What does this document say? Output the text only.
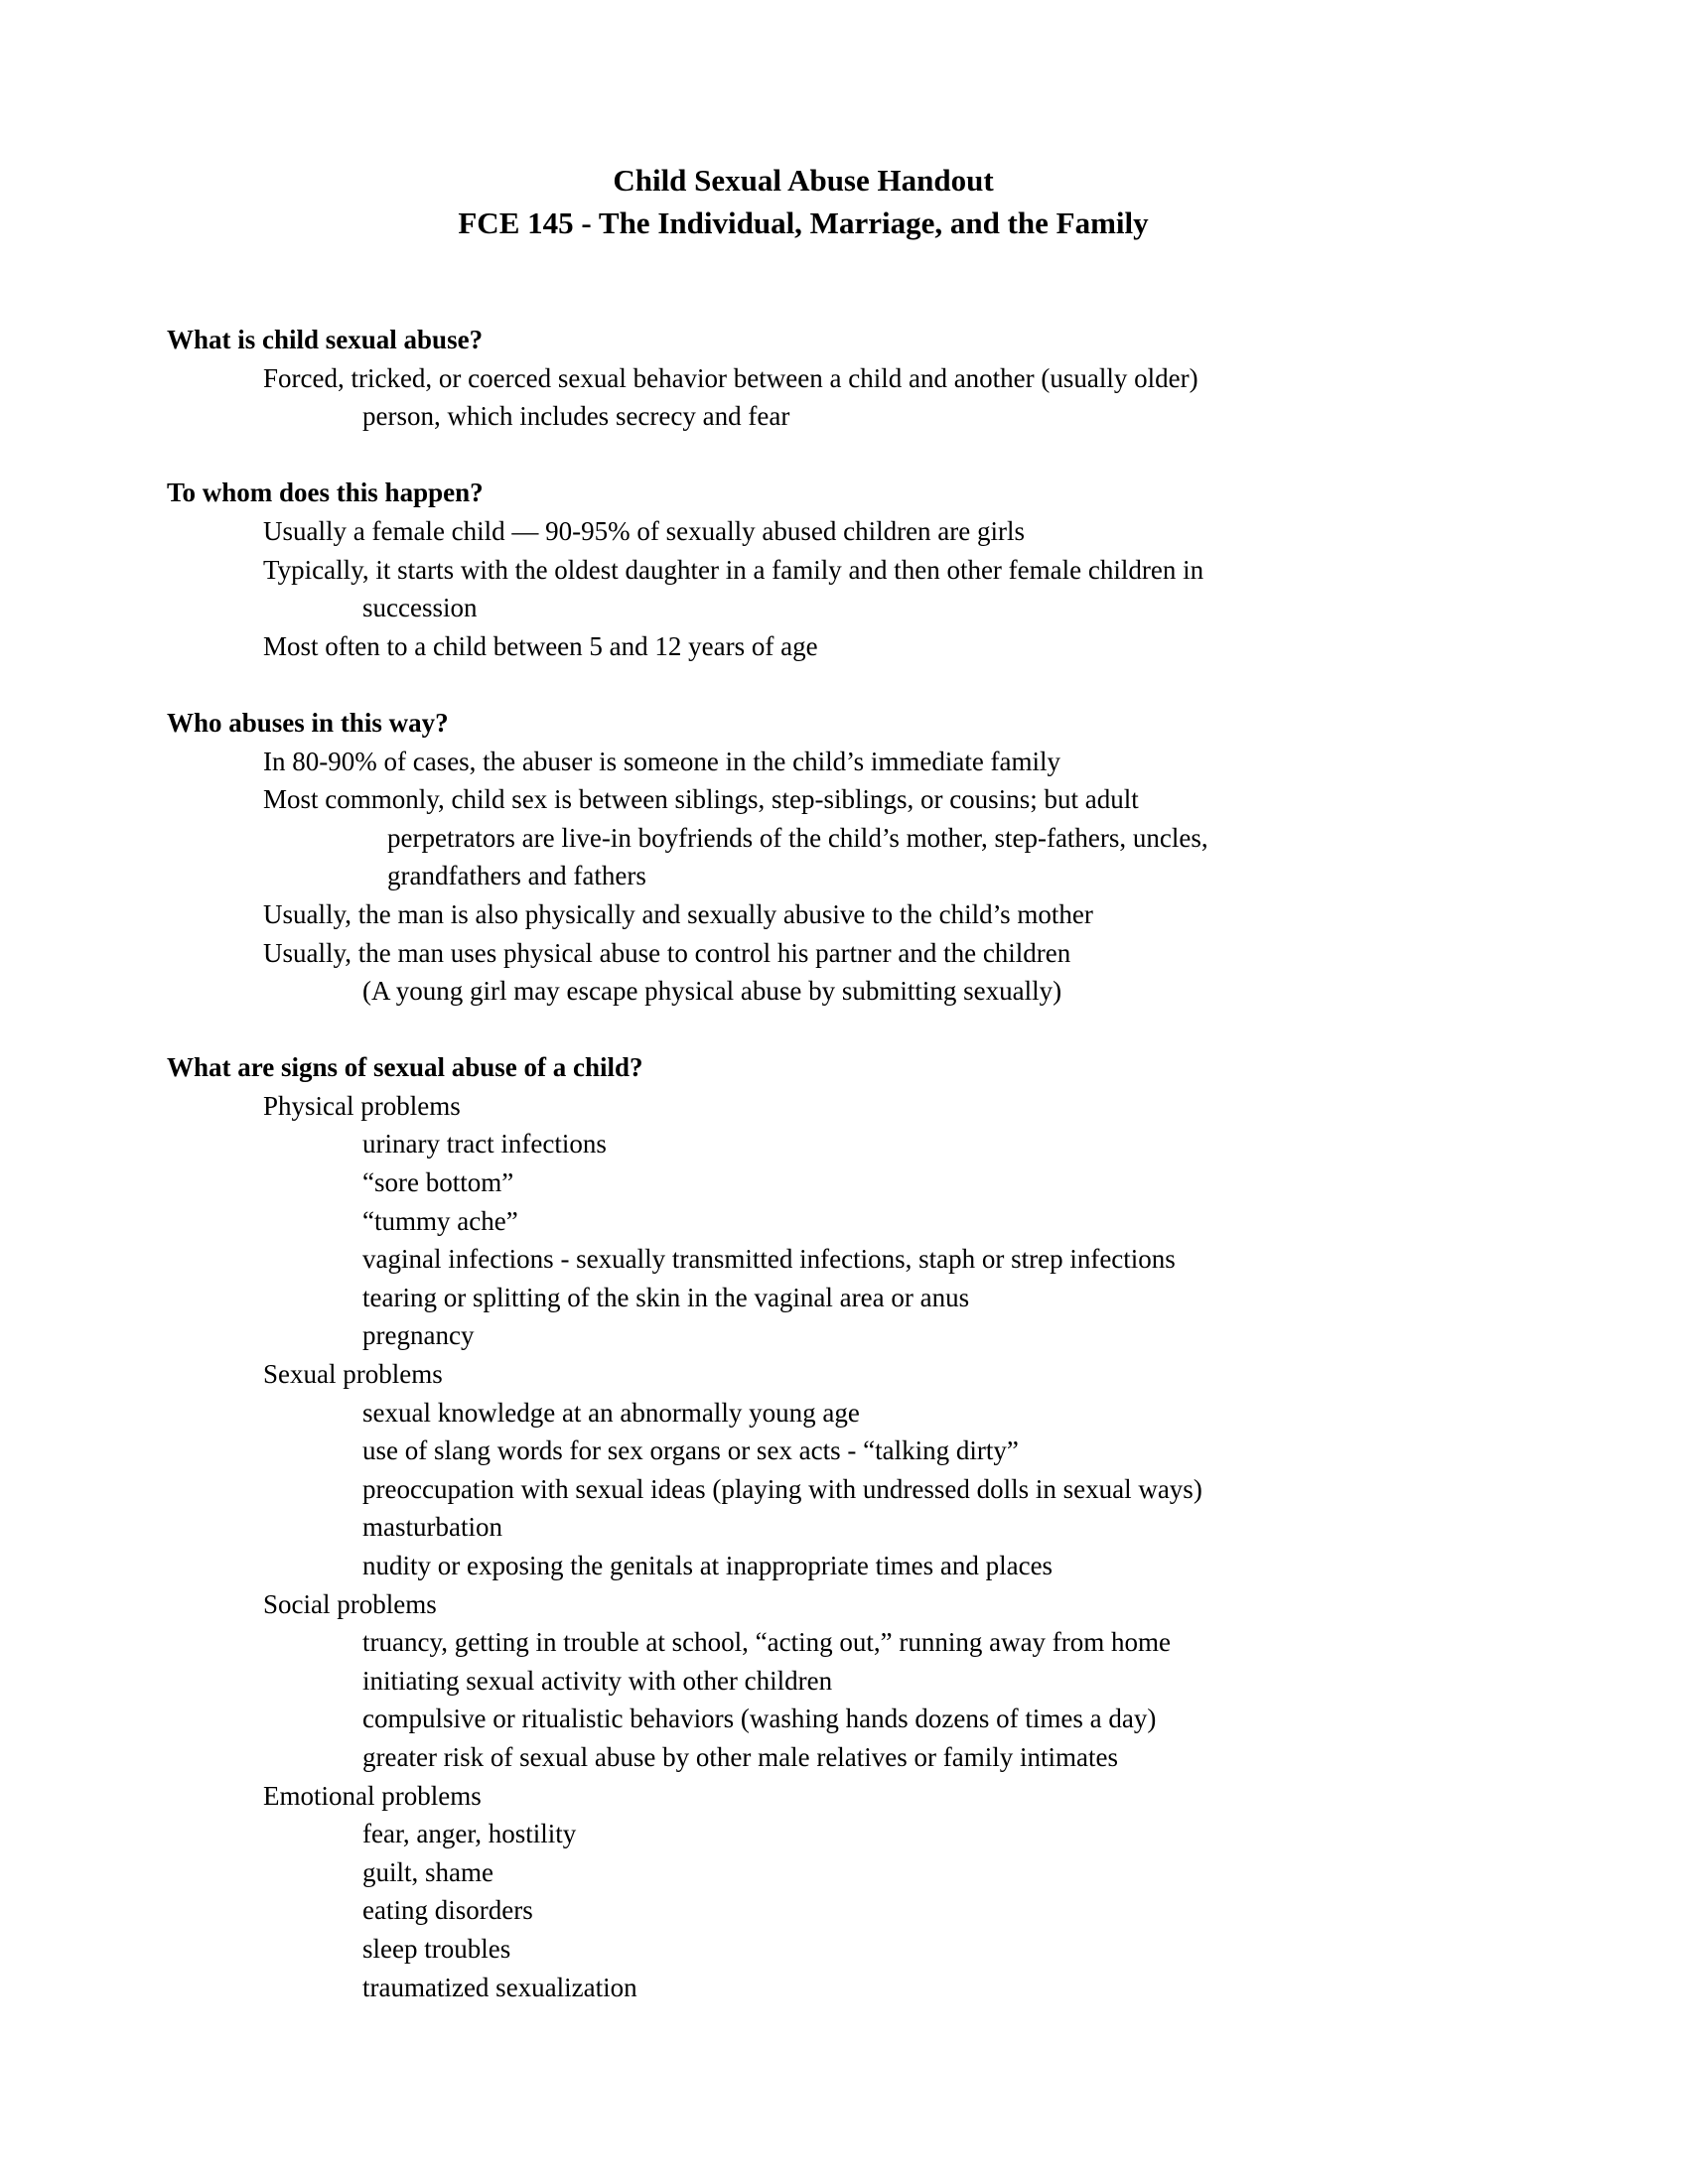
Child Sexual Abuse Handout
FCE 145 - The Individual, Marriage, and the Family
What is child sexual abuse?
Forced, tricked, or coerced sexual behavior between a child and another (usually older)
person, which includes secrecy and fear
To whom does this happen?
Usually a female child — 90-95% of sexually abused children are girls
Typically, it starts with the oldest daughter in a family and then other female children in
succession
Most often to a child between 5 and 12 years of age
Who abuses in this way?
In 80-90% of cases, the abuser is someone in the child’s immediate family
Most commonly, child sex is between siblings, step-siblings, or cousins; but adult
perpetrators are live-in boyfriends of the child’s mother, step-fathers, uncles,
grandfathers and fathers
Usually, the man is also physically and sexually abusive to the child’s mother
Usually, the man uses physical abuse to control his partner and the children
(A young girl may escape physical abuse by submitting sexually)
What are signs of sexual abuse of a child?
Physical problems
urinary tract infections
“sore bottom”
“tummy ache”
vaginal infections - sexually transmitted infections, staph or strep infections
tearing or splitting of the skin in the vaginal area or anus
pregnancy
Sexual problems
sexual knowledge at an abnormally young age
use of slang words for sex organs or sex acts - “talking dirty”
preoccupation with sexual ideas (playing with undressed dolls in sexual ways)
masturbation
nudity or exposing the genitals at inappropriate times and places
Social problems
truancy, getting in trouble at school, “acting out,” running away from home
initiating sexual activity with other children
compulsive or ritualistic behaviors (washing hands dozens of times a day)
greater risk of sexual abuse by other male relatives or family intimates
Emotional problems
fear, anger, hostility
guilt, shame
eating disorders
sleep troubles
traumatized sexualization
